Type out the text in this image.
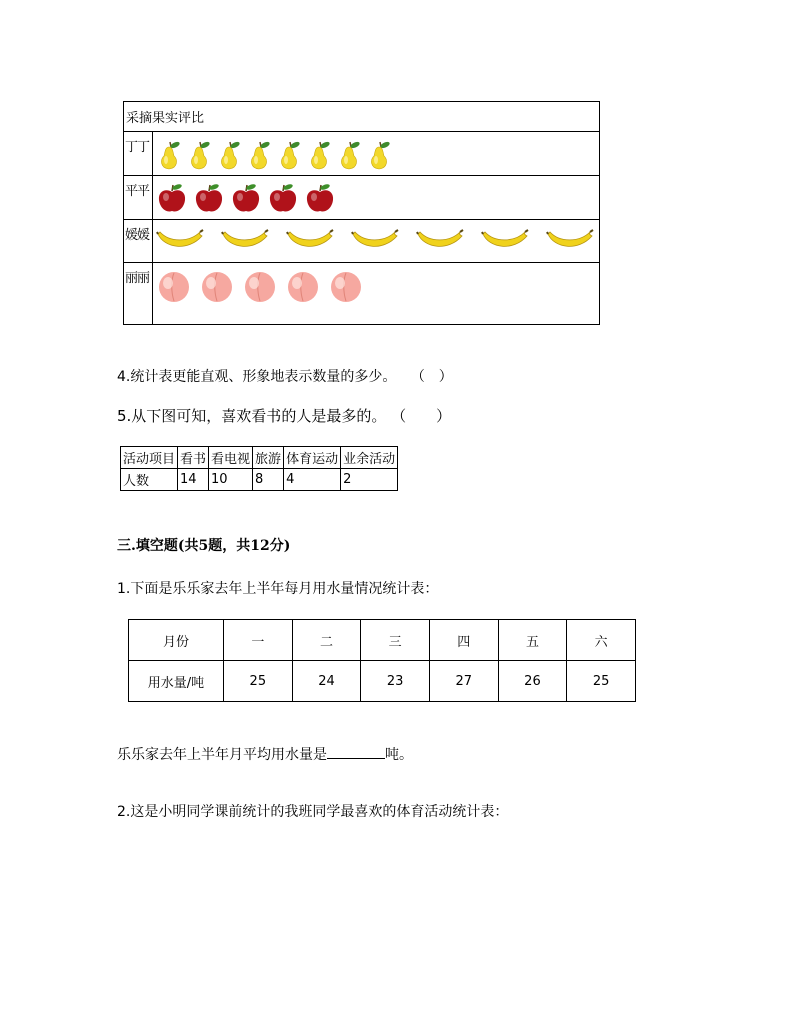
采摘果实评比
丁丁
平平
媛媛
丽丽
4.统计表更能直观、形象地表示数量的多少。 （　）
5.从下图可知，喜欢看书的人是最多的。 （　　）
活动项目	看书	看电视	旅游	体育运动	业余活动
人数	14	10	8	4	2
三.填空题(共5题，共12分)
1.下面是乐乐家去年上半年每月用水量情况统计表：
月份	一	二	三	四	五	六
用水量/吨	25	24	23	27	26	25
乐乐家去年上半年月平均用水量是	吨。
2.这是小明同学课前统计的我班同学最喜欢的体育活动统计表：
